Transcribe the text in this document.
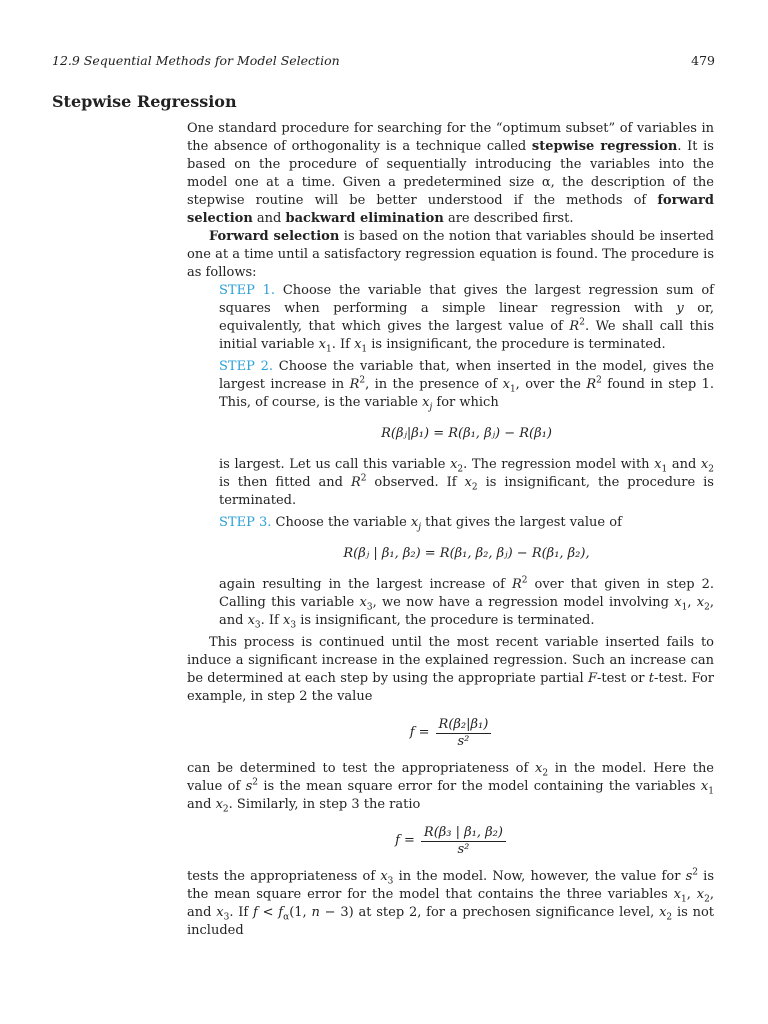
12.9 Sequential Methods for Model Selection	479
Stepwise Regression

One standard procedure for searching for the “optimum subset” of variables in the absence of orthogonality is a technique called stepwise regression. It is based on the procedure of sequentially introducing the variables into the model one at a time. Given a predetermined size α, the description of the stepwise routine will be better understood if the methods of forward selection and backward elimination are described first.

Forward selection is based on the notion that variables should be inserted one at a time until a satisfactory regression equation is found. The procedure is as follows:

STEP 1. Choose the variable that gives the largest regression sum of squares when performing a simple linear regression with y or, equivalently, that which gives the largest value of $R^2$. We shall call this initial variable $x_1$. If $x_1$ is insignificant, the procedure is terminated.
STEP 2. Choose the variable that, when inserted in the model, gives the largest increase in $R^2$, in the presence of $x_1$, over the $R^2$ found in step 1. This, of course, is the variable $x_j$ for which
R(βⱼ|β₁) = R(β₁, βⱼ) − R(β₁)
is largest. Let us call this variable $x_2$. The regression model with $x_1$ and $x_2$ is then fitted and $R^2$ observed. If $x_2$ is insignificant, the procedure is terminated.
STEP 3. Choose the variable $x_j$ that gives the largest value of
R(βⱼ | β₁, β₂) = R(β₁, β₂, βⱼ) − R(β₁, β₂),
again resulting in the largest increase of $R^2$ over that given in step 2. Calling this variable $x_3$, we now have a regression model involving $x_1$, $x_2$, and $x_3$. If $x_3$ is insignificant, the procedure is terminated.

This process is continued until the most recent variable inserted fails to induce a significant increase in the explained regression. Such an increase can be determined at each step by using the appropriate partial F-test or t-test. For example, in step 2 the value

$f = \frac{\text{R(β₂|β₁)}}{\text{s²}}$

can be determined to test the appropriateness of $x_2$ in the model. Here the value of $s^2$ is the mean square error for the model containing the variables $x_1$ and $x_2$. Similarly, in step 3 the ratio

$f = \frac{\text{R(β₃ | β₁, β₂)}}{\text{s²}}$

tests the appropriateness of $x_3$ in the model. Now, however, the value for $s^2$ is the mean square error for the model that contains the three variables $x_1$, $x_2$, and $x_3$. If $f < f_\alpha(1$, n − 3) at step 2, for a prechosen significance level, $x_2$ is not included
